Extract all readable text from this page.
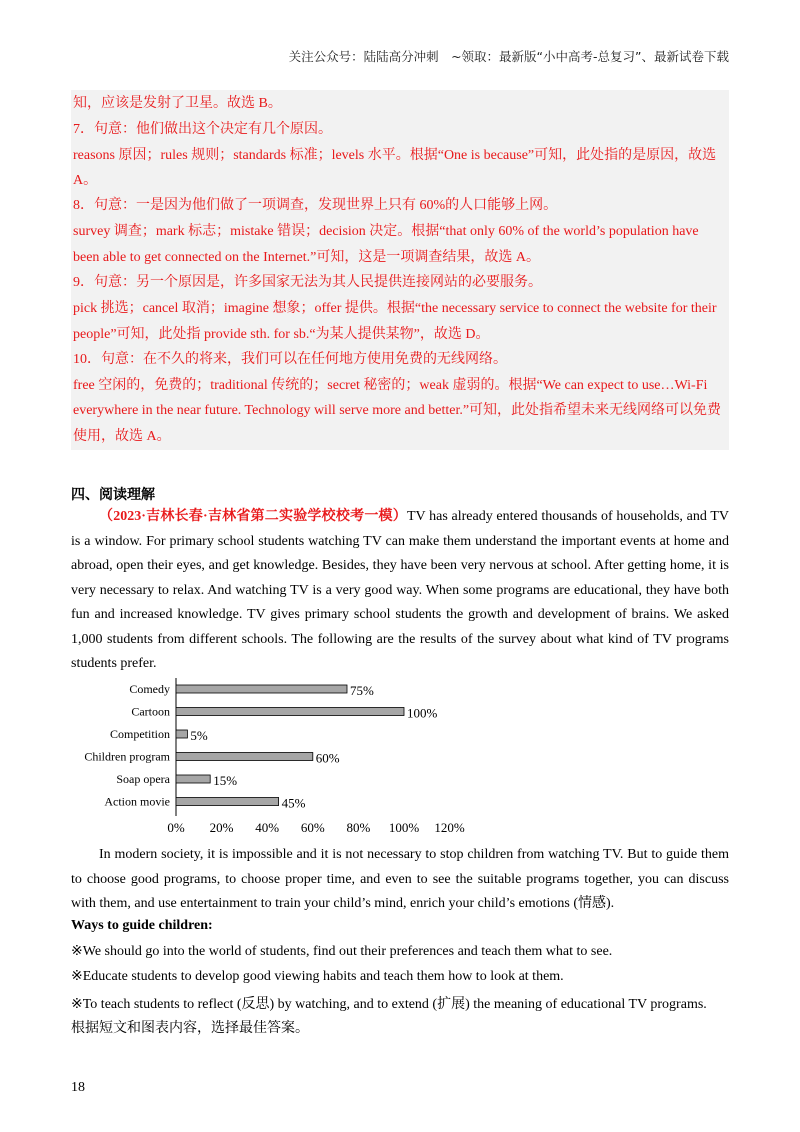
关注公众号：陆陆高分冲刺　~领取：最新版“小中高考-总复习”、最新试卷下载

知，应该是发射了卫星。故选 B。

7．句意：他们做出这个决定有几个原因。

reasons 原因；rules 规则；standards 标准；levels 水平。根据“One is because”可知，此处指的是原因，故选

A。

8．句意：一是因为他们做了一项调查，发现世界上只有 60%的人口能够上网。

survey 调查；mark 标志；mistake 错误；decision 决定。根据“that only 60% of the world’s population have

been able to get connected on the Internet.”可知，这是一项调查结果，故选 A。

9．句意：另一个原因是，许多国家无法为其人民提供连接网站的必要服务。

pick 挑选；cancel 取消；imagine 想象；offer 提供。根据“the necessary service to connect the website for their

people”可知，此处指 provide sth. for sb.“为某人提供某物”，故选 D。

10．句意：在不久的将来，我们可以在任何地方使用免费的无线网络。

free 空闲的，免费的；traditional 传统的；secret 秘密的；weak 虚弱的。根据“We can expect to use…Wi-Fi

everywhere in the near future. Technology will serve more and better.”可知，此处指希望未来无线网络可以免费

使用，故选 A。

四、阅读理解
（2023·吉林长春·吉林省第二实验学校校考一模）TV has already entered thousands of households, and TV is a window. For primary school students watching TV can make them understand the important events at home and abroad, open their eyes, and get knowledge. Besides, they have been very nervous at school. After getting home, it is very necessary to relax. And watching TV is a very good way. When some programs are educational, they have both fun and increased knowledge. TV gives primary school students the growth and development of brains. We asked 1,000 students from different schools. The following are the results of the survey about what kind of TV programs students prefer.
0% 20% 40% 60% 80% 100% 120%
Comedy	75%
Cartoon	100%
Competition 5%
Children program	60%
Soap opera	15%
Action movie	45%
In modern society, it is impossible and it is not necessary to stop children from watching TV. But to guide them to choose good programs, to choose proper time, and even to see the suitable programs together, you can discuss with them, and use entertainment to train your child’s mind, enrich your child’s emotions (情感).
Ways to guide children:
※We should go into the world of students, find out their preferences and teach them what to see.
※Educate students to develop good viewing habits and teach them how to look at them.
※To teach students to reflect (反思) by watching, and to extend (扩展) the meaning of educational TV programs.
根据短文和图表内容，选择最佳答案。
18
